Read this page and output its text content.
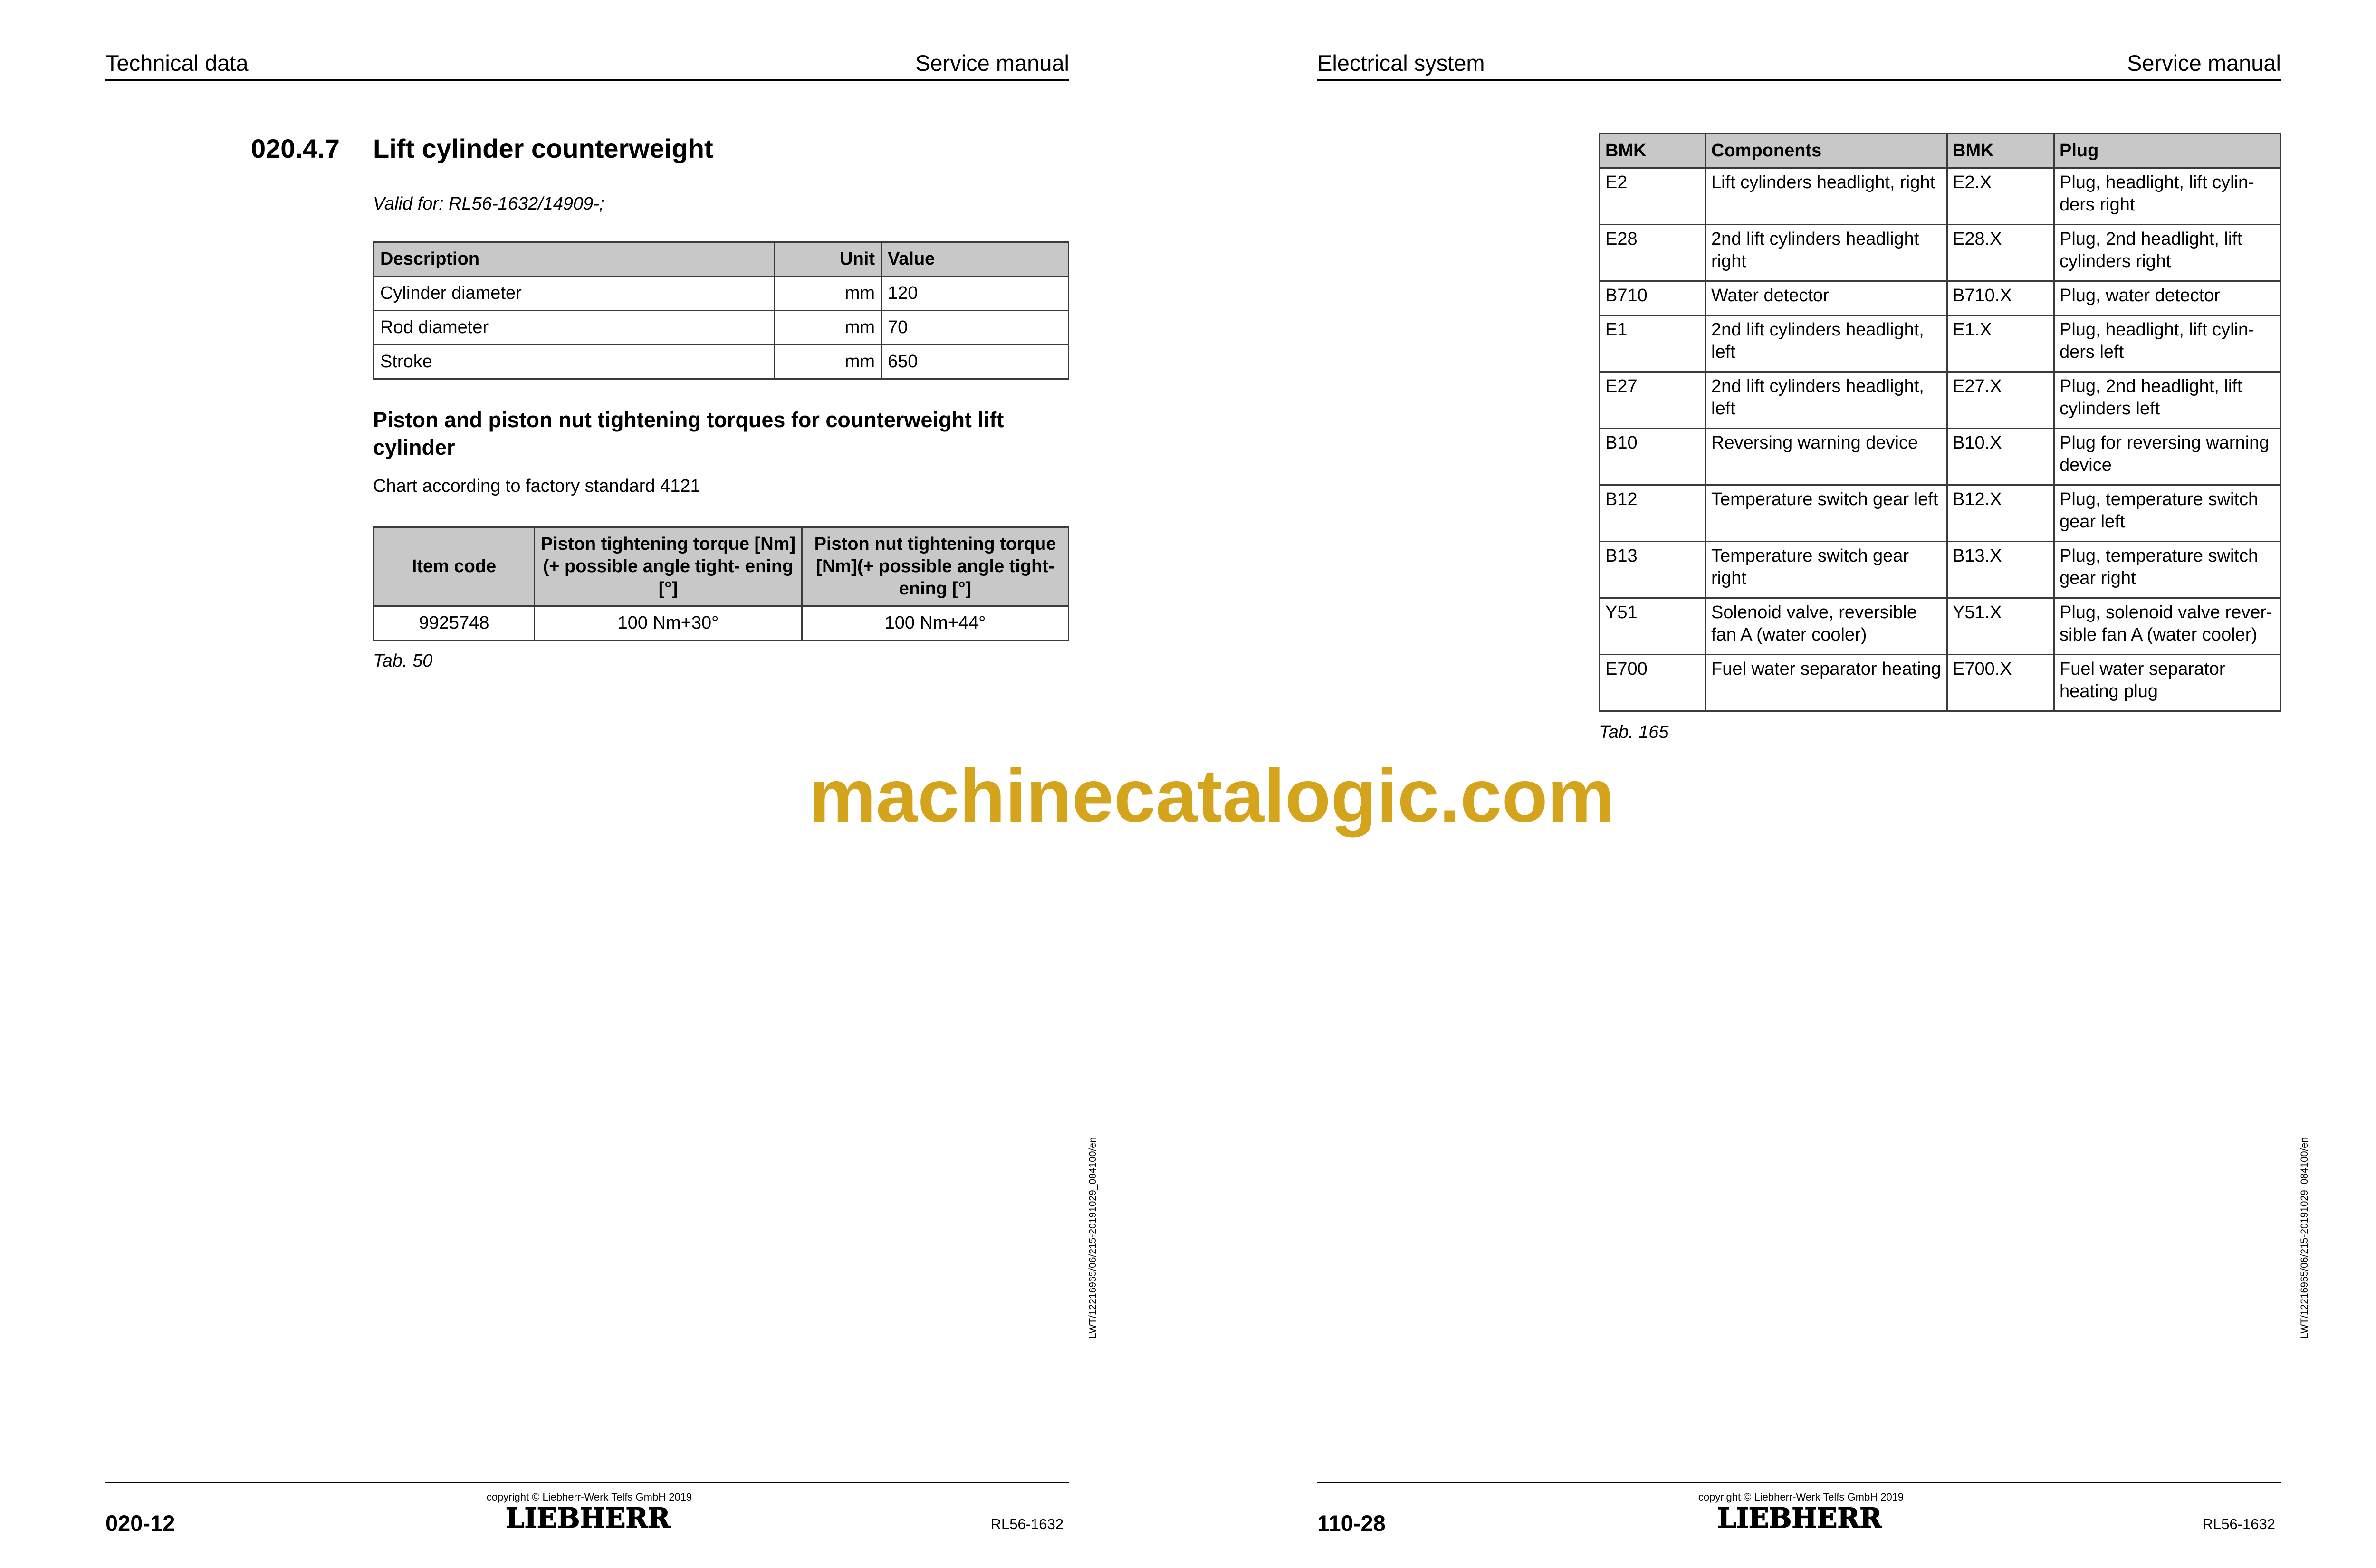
Technical data	Service manual
020.4.7 Lift cylinder counterweight
Valid for: RL56-1632/14909-;
Description	Unit	Value
Cylinder diameter	mm	120
Rod diameter	mm	70
Stroke	mm	650
Piston and piston nut tightening torques for counterweight lift cylinder
Chart according to factory standard 4121
Item code	Piston tightening torque [Nm](+ possible angle tight- ening [°]	Piston nut tightening torque [Nm](+ possible angle tight- ening [°]
9925748	100 Nm+30°	100 Nm+44°
Tab. 50
LWT/12216965/06/215-20191029_084100/en
020-12
copyright © Liebherr-Werk Telfs GmbH 2019
LIEBHERR	RL56-1632
Electrical system	Service manual
BMK	Components	BMK	Plug
E2	Lift cylinders headlight, right	E2.X	Plug, headlight, lift cylin- ders right
E28	2nd lift cylinders headlight right	E28.X	Plug, 2nd headlight, lift cylinders right
B710	Water detector	B710.X	Plug, water detector
E1	2nd lift cylinders headlight, left	E1.X	Plug, headlight, lift cylin- ders left
E27	2nd lift cylinders headlight, left	E27.X	Plug, 2nd headlight, lift cylinders left
B10	Reversing warning device	B10.X	Plug for reversing warning device
B12	Temperature switch gear left	B12.X	Plug, temperature switch gear left
B13	Temperature switch gear right	B13.X	Plug, temperature switch gear right
Y51	Solenoid valve, reversible fan A (water cooler)	Y51.X	Plug, solenoid valve rever- sible fan A (water cooler)
E700	Fuel water separator heating	E700.X	Fuel water separator heating plug
Tab. 165
LWT/12216965/06/215-20191029_084100/en
110-28
copyright © Liebherr-Werk Telfs GmbH 2019
LIEBHERR	RL56-1632
machinecatalogic.com
